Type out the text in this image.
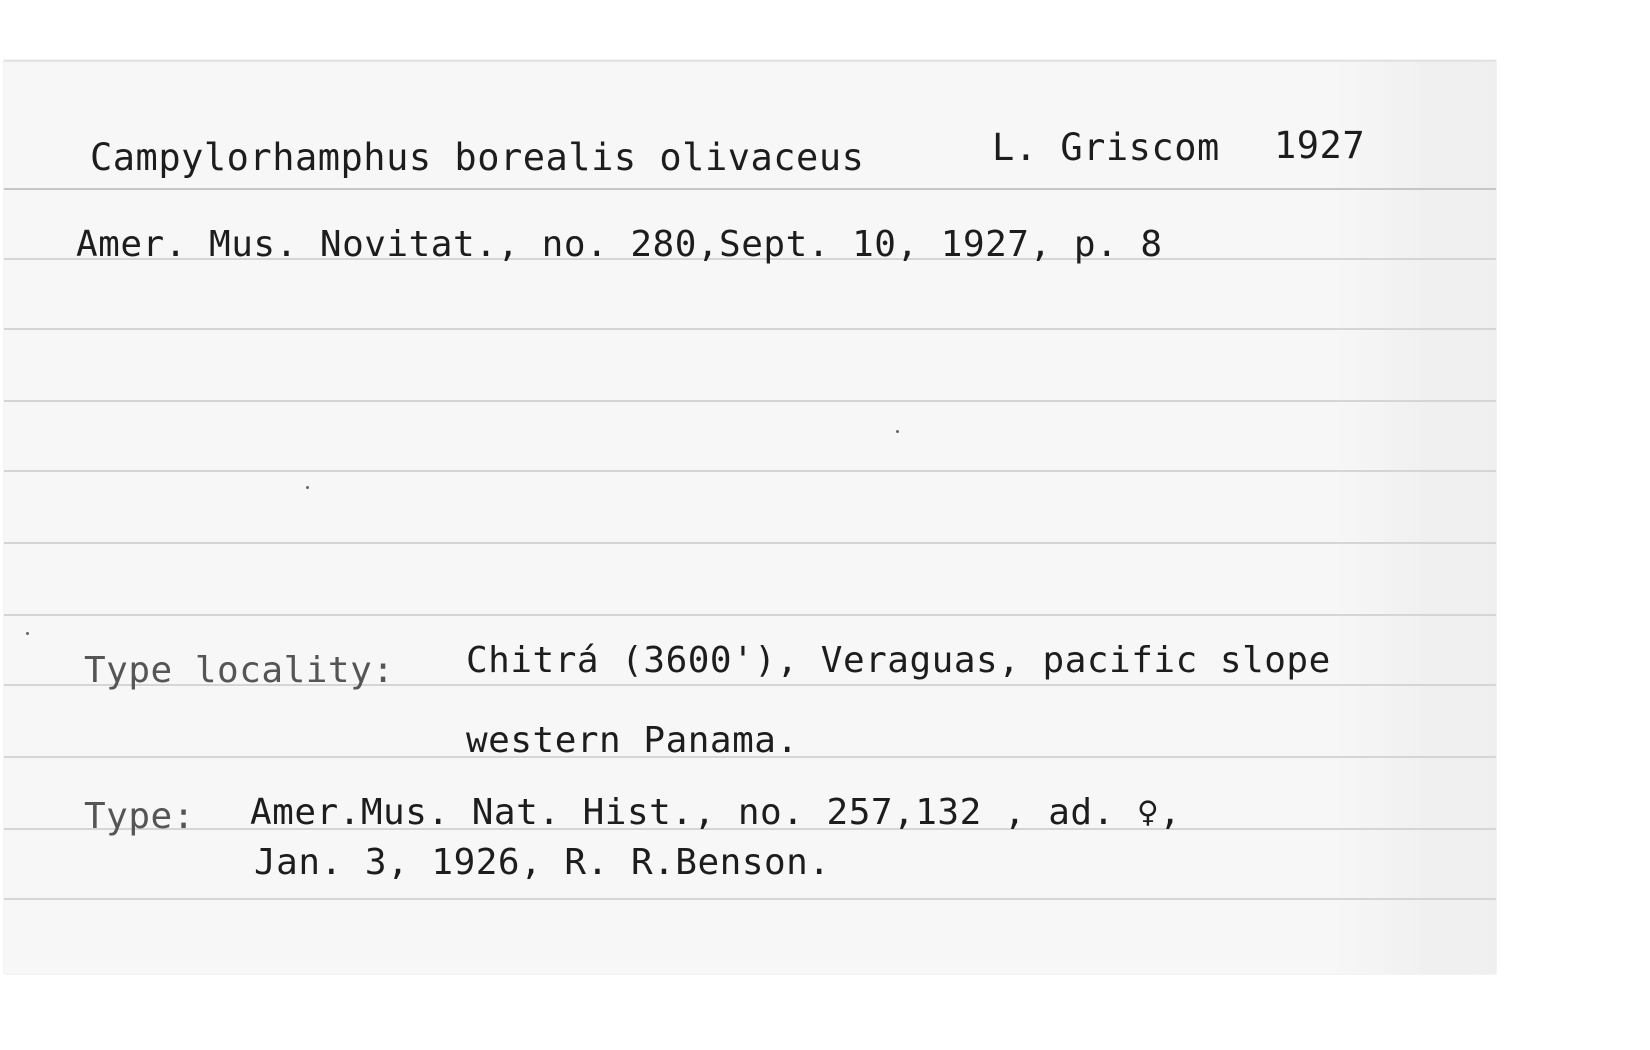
Campylorhamphus borealis olivaceus	L. Griscom 1927
Amer. Mus. Novitat., no. 280,Sept. 10, 1927, p. 8
Type locality: Chitrá (3600'), Veraguas, pacific slope
western Panama.
Type: Amer.Mus. Nat. Hist., no. 257,132 , ad. ♀,
Jan. 3, 1926, R. R.Benson.
